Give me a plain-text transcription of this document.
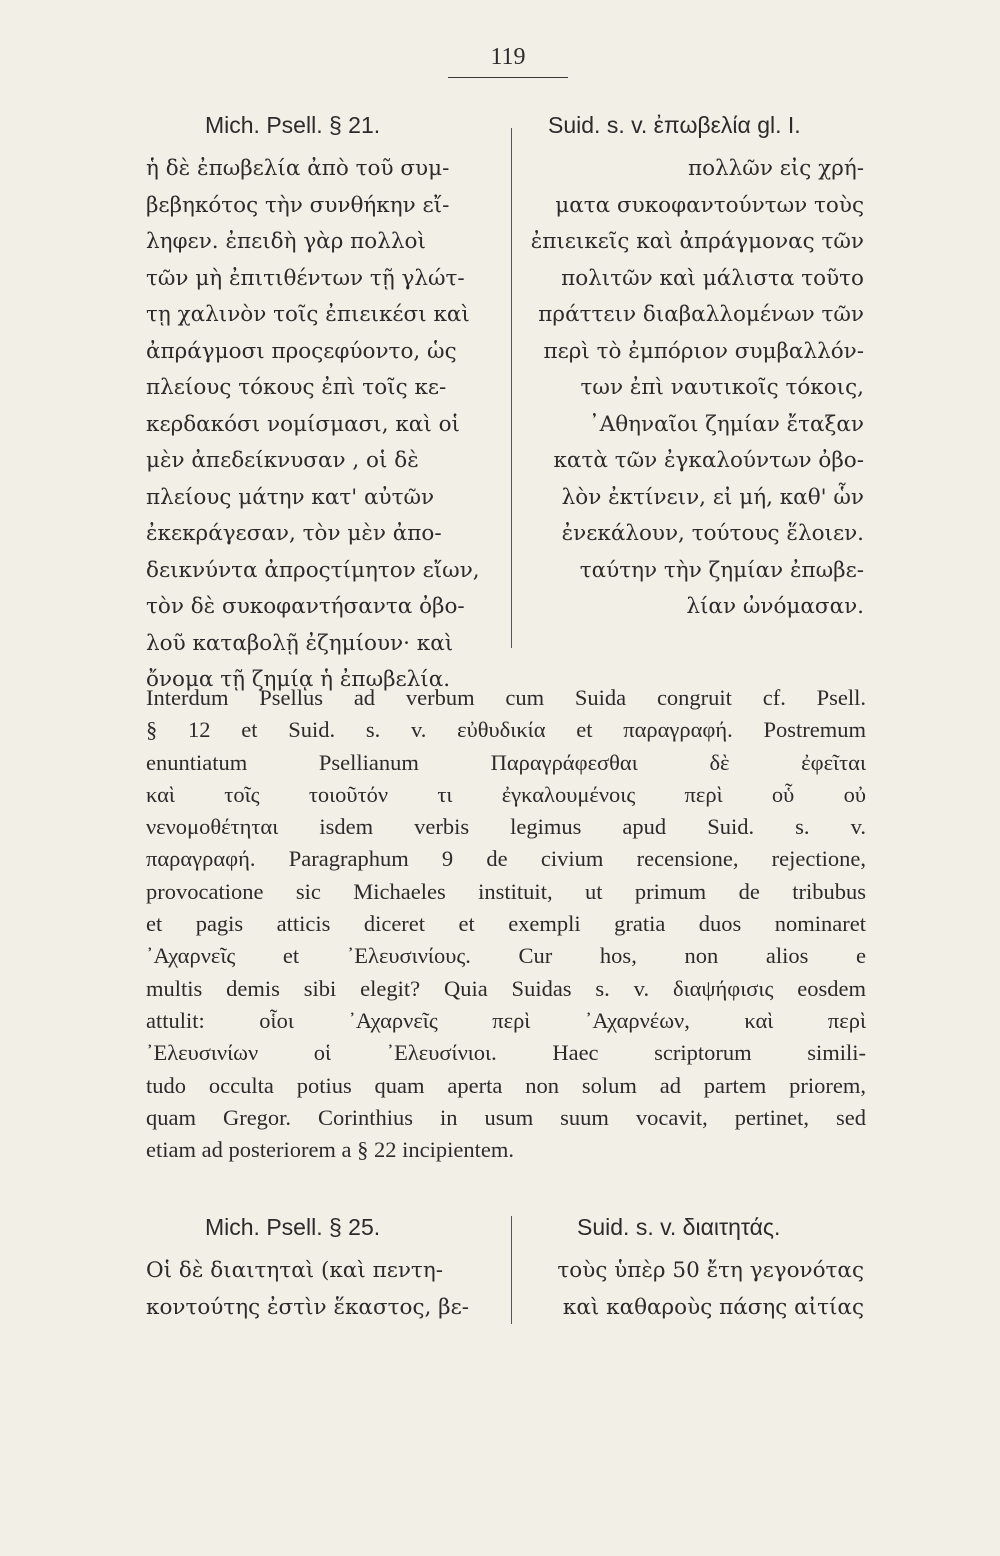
119
Mich. Psell. § 21.	Suid. s. v. ἐπωβελία gl. I.
ἡ δὲ ἐπωβελία ἀπὸ τοῦ συμ-
βεβηκότος τὴν συνθήκην εἴ-
ληφεν. ἐπειδὴ γὰρ πολλοὶ
τῶν μὴ ἐπιτιθέντων τῇ γλώτ-
τῃ χαλινὸν τοῖς ἐπιεικέσι καὶ
ἀπράγμοσι προςεφύοντο, ὡς
πλείους τόκους ἐπὶ τοῖς κε-
κερδακόσι νομίσμασι, καὶ οἱ
μὲν ἀπεδείκνυσαν , οἱ δὲ
πλείους μάτην κατ' αὐτῶν
ἐκεκράγεσαν, τὸν μὲν ἀπο-
δεικνύντα ἀπροςτίμητον εἴων,
τὸν δὲ συκοφαντήσαντα ὀβο-
λοῦ καταβολῇ ἐζημίουν· καὶ
ὄνομα τῇ ζημίᾳ ἡ ἐπωβελία.
πολλῶν εἰς χρή-
ματα συκοφαντούντων τοὺς
ἐπιεικεῖς καὶ ἀπράγμονας τῶν
πολιτῶν καὶ μάλιστα τοῦτο
πράττειν διαβαλλομένων τῶν
περὶ τὸ ἐμπόριον συμβαλλόν-
των ἐπὶ ναυτικοῖς τόκοις,
᾿Αθηναῖοι ζημίαν ἔταξαν
κατὰ τῶν ἐγκαλούντων ὀβο-
λὸν ἐκτίνειν, εἰ μή, καθ' ὧν
ἐνεκάλουν, τούτους ἕλοιεν.
ταύτην τὴν ζημίαν ἐπωβε-
λίαν ὠνόμασαν.
Interdum Psellus ad verbum cum Suida congruit cf. Psell.
§ 12 et Suid. s. v. εὐθυδικία et παραγραφή. Postremum
enuntiatum Psellianum Παραγράφεσθαι δὲ ἐφεῖται
καὶ τοῖς τοιοῦτόν τι ἐγκαλουμένοις περὶ οὗ οὐ
νενομοθέτηται isdem verbis legimus apud Suid. s. v.
παραγραφή. Paragraphum 9 de civium recensione, rejectione,
provocatione sic Michaeles instituit, ut primum de tribubus
et pagis atticis diceret et exempli gratia duos nominaret
᾿Αχαρνεῖς et ᾿Ελευσινίους. Cur hos, non alios e
multis demis sibi elegit? Quia Suidas s. v. διαψήφισις eosdem
attulit: οἷοι ᾿Αχαρνεῖς περὶ ᾿Αχαρνέων, καὶ περὶ
᾿Ελευσινίων οἱ ᾿Ελευσίνιοι. Haec scriptorum simili-
tudo occulta potius quam aperta non solum ad partem priorem,
quam Gregor. Corinthius in usum suum vocavit, pertinet, sed
etiam ad posteriorem a § 22 incipientem.
Mich. Psell. § 25.	Suid. s. v. διαιτητάς.
Οἱ δὲ διαιτηταὶ (καὶ πεντη-
κοντούτης ἐστὶν ἕκαστος, βε-
τοὺς ὑπὲρ 50 ἔτη γεγονότας
καὶ καθαροὺς πάσης αἰτίας
